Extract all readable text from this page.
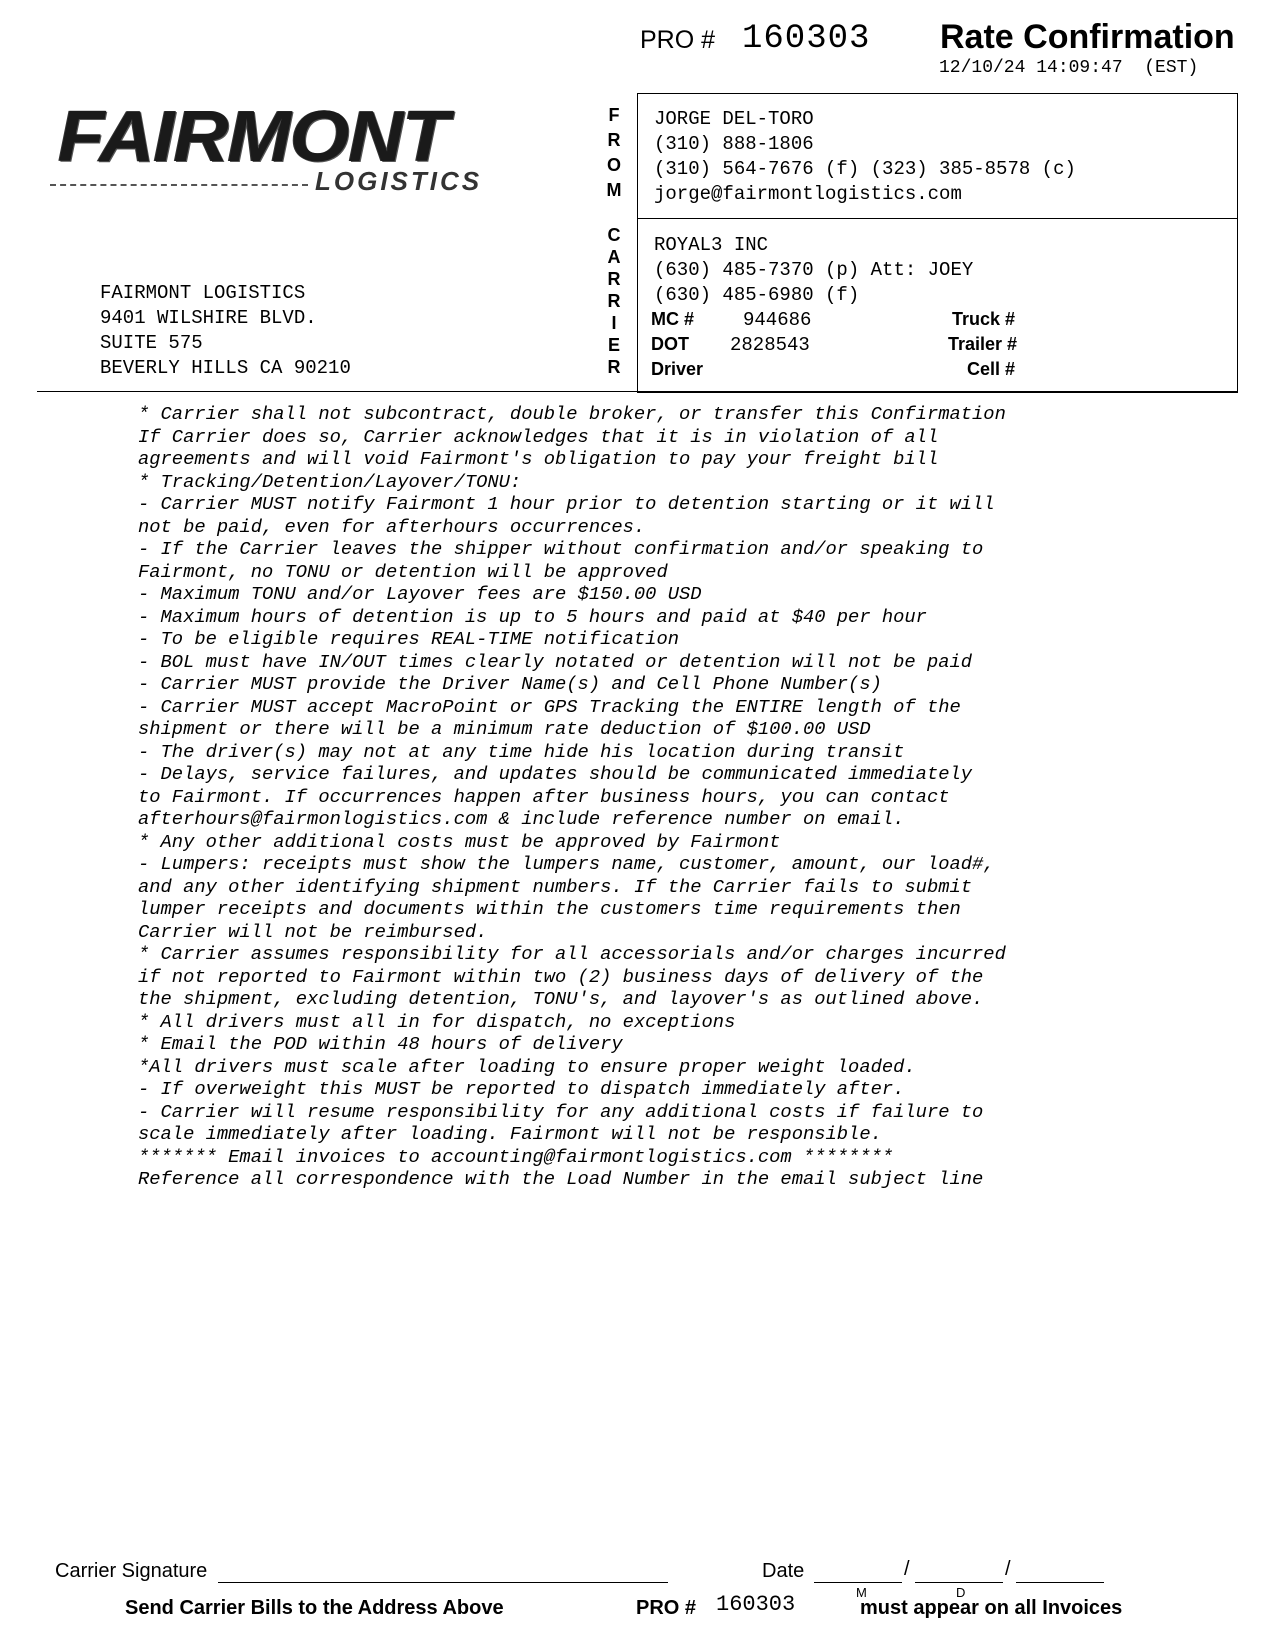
PRO # 160303 Rate Confirmation
12/10/24 14:09:47  (EST)
FAIRMONT
LOGISTICS
FAIRMONT LOGISTICS
9401 WILSHIRE BLVD.
SUITE 575
BEVERLY HILLS CA 90210
F
R
O
M
C
A
R
R
I
E
R
JORGE DEL-TORO
(310) 888-1806
(310) 564-7676 (f) (323) 385-8578 (c)
jorge@fairmontlogistics.com
ROYAL3 INC
(630) 485-7370 (p) Att: JOEY
(630) 485-6980 (f)
MC #	944686	Truck #
DOT 2828543	Trailer #
Driver	Cell #

* Carrier shall not subcontract, double broker, or transfer this Confirmation

If Carrier does so, Carrier acknowledges that it is in violation of all

agreements and will void Fairmont's obligation to pay your freight bill

* Tracking/Detention/Layover/TONU:

- Carrier MUST notify Fairmont 1 hour prior to detention starting or it will

not be paid, even for afterhours occurrences.

- If the Carrier leaves the shipper without confirmation and/or speaking to

Fairmont, no TONU or detention will be approved

- Maximum TONU and/or Layover fees are $150.00 USD

- Maximum hours of detention is up to 5 hours and paid at $40 per hour

- To be eligible requires REAL-TIME notification

- BOL must have IN/OUT times clearly notated or detention will not be paid

- Carrier MUST provide the Driver Name(s) and Cell Phone Number(s)

- Carrier MUST accept MacroPoint or GPS Tracking the ENTIRE length of the

shipment or there will be a minimum rate deduction of $100.00 USD

- The driver(s) may not at any time hide his location during transit

- Delays, service failures, and updates should be communicated immediately

to Fairmont. If occurrences happen after business hours, you can contact

afterhours@fairmonlogistics.com & include reference number on email.

* Any other additional costs must be approved by Fairmont

- Lumpers: receipts must show the lumpers name, customer, amount, our load#,

and any other identifying shipment numbers. If the Carrier fails to submit

lumper receipts and documents within the customers time requirements then

Carrier will not be reimbursed.

* Carrier assumes responsibility for all accessorials and/or charges incurred

if not reported to Fairmont within two (2) business days of delivery of the

the shipment, excluding detention, TONU's, and layover's as outlined above.

* All drivers must all in for dispatch, no exceptions

* Email the POD within 48 hours of delivery

*All drivers must scale after loading to ensure proper weight loaded.

- If overweight this MUST be reported to dispatch immediately after.

- Carrier will resume responsibility for any additional costs if failure to

scale immediately after loading. Fairmont will not be responsible.

******* Email invoices to accounting@fairmontlogistics.com ********

Reference all correspondence with the Load Number in the email subject line

Carrier Signature	Date	/	/
M	D
Send Carrier Bills to the Address Above	PRO # 160303	must appear on all Invoices
